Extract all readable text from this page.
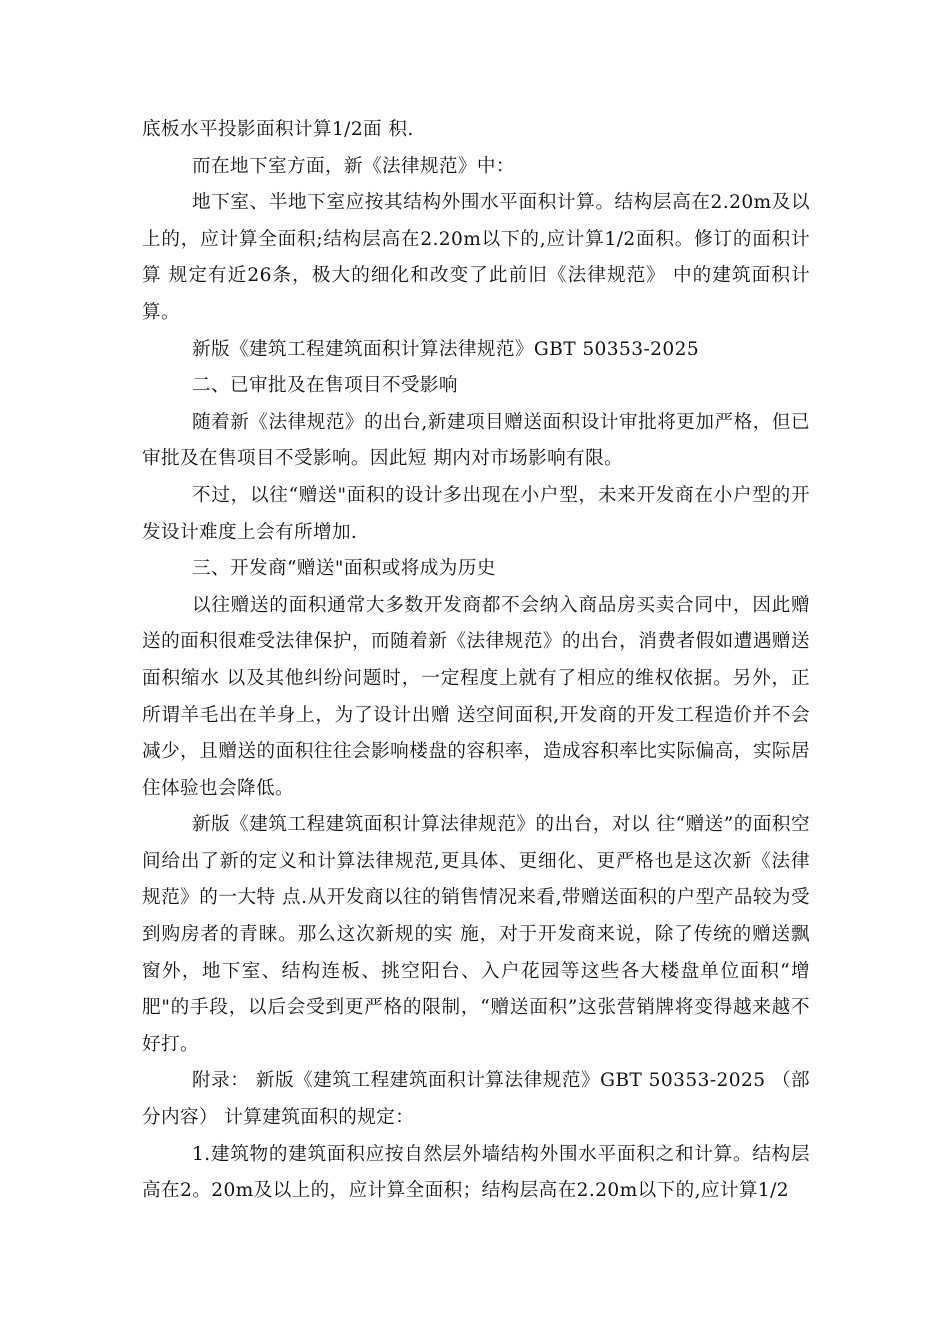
底板水平投影面积计算1/2面 积.

而在地下室方面，新《法律规范》中：

地下室、半地下室应按其结构外围水平面积计算。结构层高在2.20m及以上的，应计算全面积;结构层高在2.20m以下的,应计算1/2面积。修订的面积计算 规定有近26条，极大的细化和改变了此前旧《法律规范》 中的建筑面积计算。

新版《建筑工程建筑面积计算法律规范》GBT 50353-2025

二、已审批及在售项目不受影响

随着新《法律规范》的出台,新建项目赠送面积设计审批将更加严格，但已审批及在售项目不受影响。因此短 期内对市场影响有限。

不过，以往“赠送"面积的设计多出现在小户型，未来开发商在小户型的开发设计难度上会有所增加.

三、开发商“赠送"面积或将成为历史

以往赠送的面积通常大多数开发商都不会纳入商品房买卖合同中，因此赠送的面积很难受法律保护，而随着新《法律规范》的出台，消费者假如遭遇赠送面积缩水 以及其他纠纷问题时，一定程度上就有了相应的维权依据。另外，正所谓羊毛出在羊身上，为了设计出赠 送空间面积,开发商的开发工程造价并不会减少，且赠送的面积往往会影响楼盘的容积率，造成容积率比实际偏高，实际居住体验也会降低。

新版《建筑工程建筑面积计算法律规范》的出台，对以 往“赠送”的面积空间给出了新的定义和计算法律规范,更具体、更细化、更严格也是这次新《法律规范》的一大特 点.从开发商以往的销售情况来看,带赠送面积的户型产品较为受到购房者的青睐。那么这次新规的实 施，对于开发商来说，除了传统的赠送飘窗外，地下室、结构连板、挑空阳台、入户花园等这些各大楼盘单位面积“增肥"的手段，以后会受到更严格的限制，“赠送面积”这张营销牌将变得越来越不好打。

附录： 新版《建筑工程建筑面积计算法律规范》GBT 50353-2025 （部分内容） 计算建筑面积的规定：

1.建筑物的建筑面积应按自然层外墙结构外围水平面积之和计算。结构层高在2。20m及以上的，应计算全面积；结构层高在2.20m以下的,应计算1/2
